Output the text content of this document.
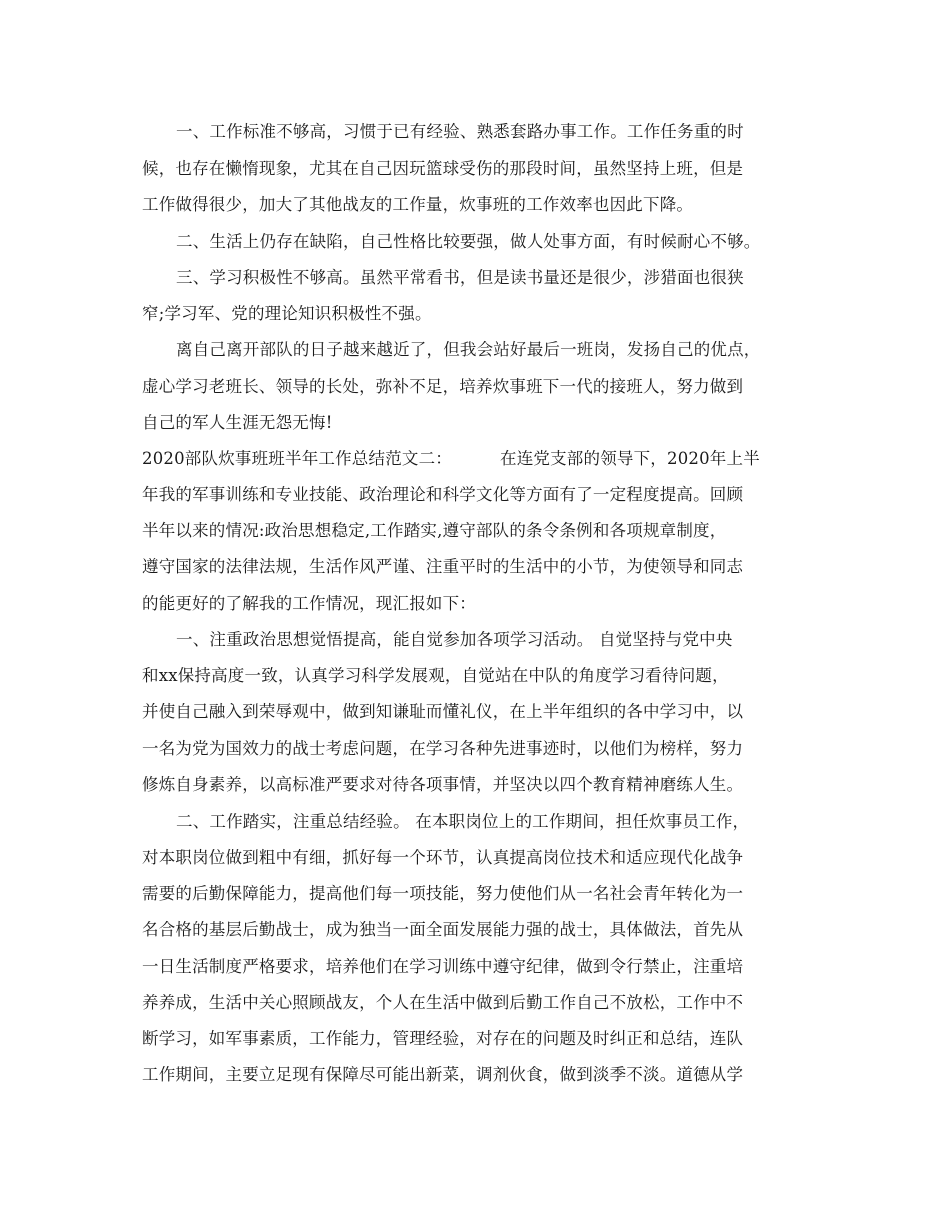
一、工作标准不够高，习惯于已有经验、熟悉套路办事工作。工作任务重的时
候，也存在懒惰现象，尤其在自己因玩篮球受伤的那段时间，虽然坚持上班，但是
工作做得很少，加大了其他战友的工作量，炊事班的工作效率也因此下降。
二、生活上仍存在缺陷，自己性格比较要强，做人处事方面，有时候耐心不够。
三、学习积极性不够高。虽然平常看书，但是读书量还是很少，涉猎面也很狭
窄;学习军、党的理论知识积极性不强。
离自己离开部队的日子越来越近了，但我会站好最后一班岗，发扬自己的优点，
虚心学习老班长、领导的长处，弥补不足，培养炊事班下一代的接班人，努力做到
自己的军人生涯无怨无悔!
2020部队炊事班班半年工作总结范文二：	在连党支部的领导下，2020年上半
年我的军事训练和专业技能、政治理论和科学文化等方面有了一定程度提高。回顾
半年以来的情况:政治思想稳定,工作踏实,遵守部队的条令条例和各项规章制度，
遵守国家的法律法规，生活作风严谨、注重平时的生活中的小节，为使领导和同志
的能更好的了解我的工作情况，现汇报如下：
一、注重政治思想觉悟提高，能自觉参加各项学习活动。 自觉坚持与党中央
和xx保持高度一致，认真学习科学发展观，自觉站在中队的角度学习看待问题，
并使自己融入到荣辱观中，做到知谦耻而懂礼仪，在上半年组织的各中学习中，以
一名为党为国效力的战士考虑问题，在学习各种先进事迹时，以他们为榜样，努力
修炼自身素养，以高标准严要求对待各项事情，并坚决以四个教育精神磨练人生。
二、工作踏实，注重总结经验。 在本职岗位上的工作期间，担任炊事员工作，
对本职岗位做到粗中有细，抓好每一个环节，认真提高岗位技术和适应现代化战争
需要的后勤保障能力，提高他们每一项技能，努力使他们从一名社会青年转化为一
名合格的基层后勤战士，成为独当一面全面发展能力强的战士，具体做法，首先从
一日生活制度严格要求，培养他们在学习训练中遵守纪律，做到令行禁止，注重培
养养成，生活中关心照顾战友，个人在生活中做到后勤工作自己不放松，工作中不
断学习，如军事素质，工作能力，管理经验，对存在的问题及时纠正和总结，连队
工作期间，主要立足现有保障尽可能出新菜，调剂伙食，做到淡季不淡。道德从学
